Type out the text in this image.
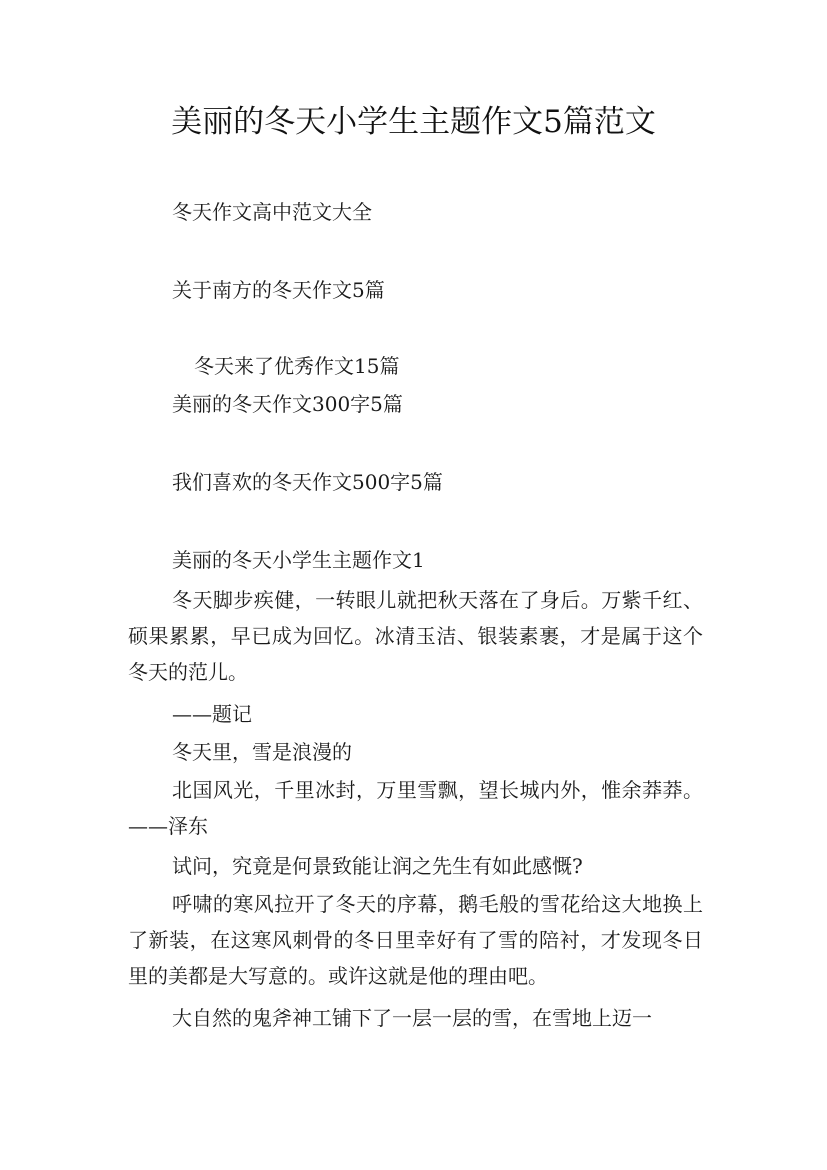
美丽的冬天小学生主题作文5篇范文

冬天作文高中范文大全

关于南方的冬天作文5篇

冬天来了优秀作文15篇

美丽的冬天作文300字5篇

我们喜欢的冬天作文500字5篇

美丽的冬天小学生主题作文1

冬天脚步疾健，一转眼儿就把秋天落在了身后。万紫千红、硕果累累，早已成为回忆。冰清玉洁、银装素裹，才是属于这个冬天的范儿。

——题记

冬天里，雪是浪漫的

北国风光，千里冰封，万里雪飘，望长城内外，惟余莽莽。——泽东

试问，究竟是何景致能让润之先生有如此感慨?

呼啸的寒风拉开了冬天的序幕，鹅毛般的雪花给这大地换上了新装，在这寒风刺骨的冬日里幸好有了雪的陪衬，才发现冬日里的美都是大写意的。或许这就是他的理由吧。

大自然的鬼斧神工铺下了一层一层的雪，在雪地上迈一
